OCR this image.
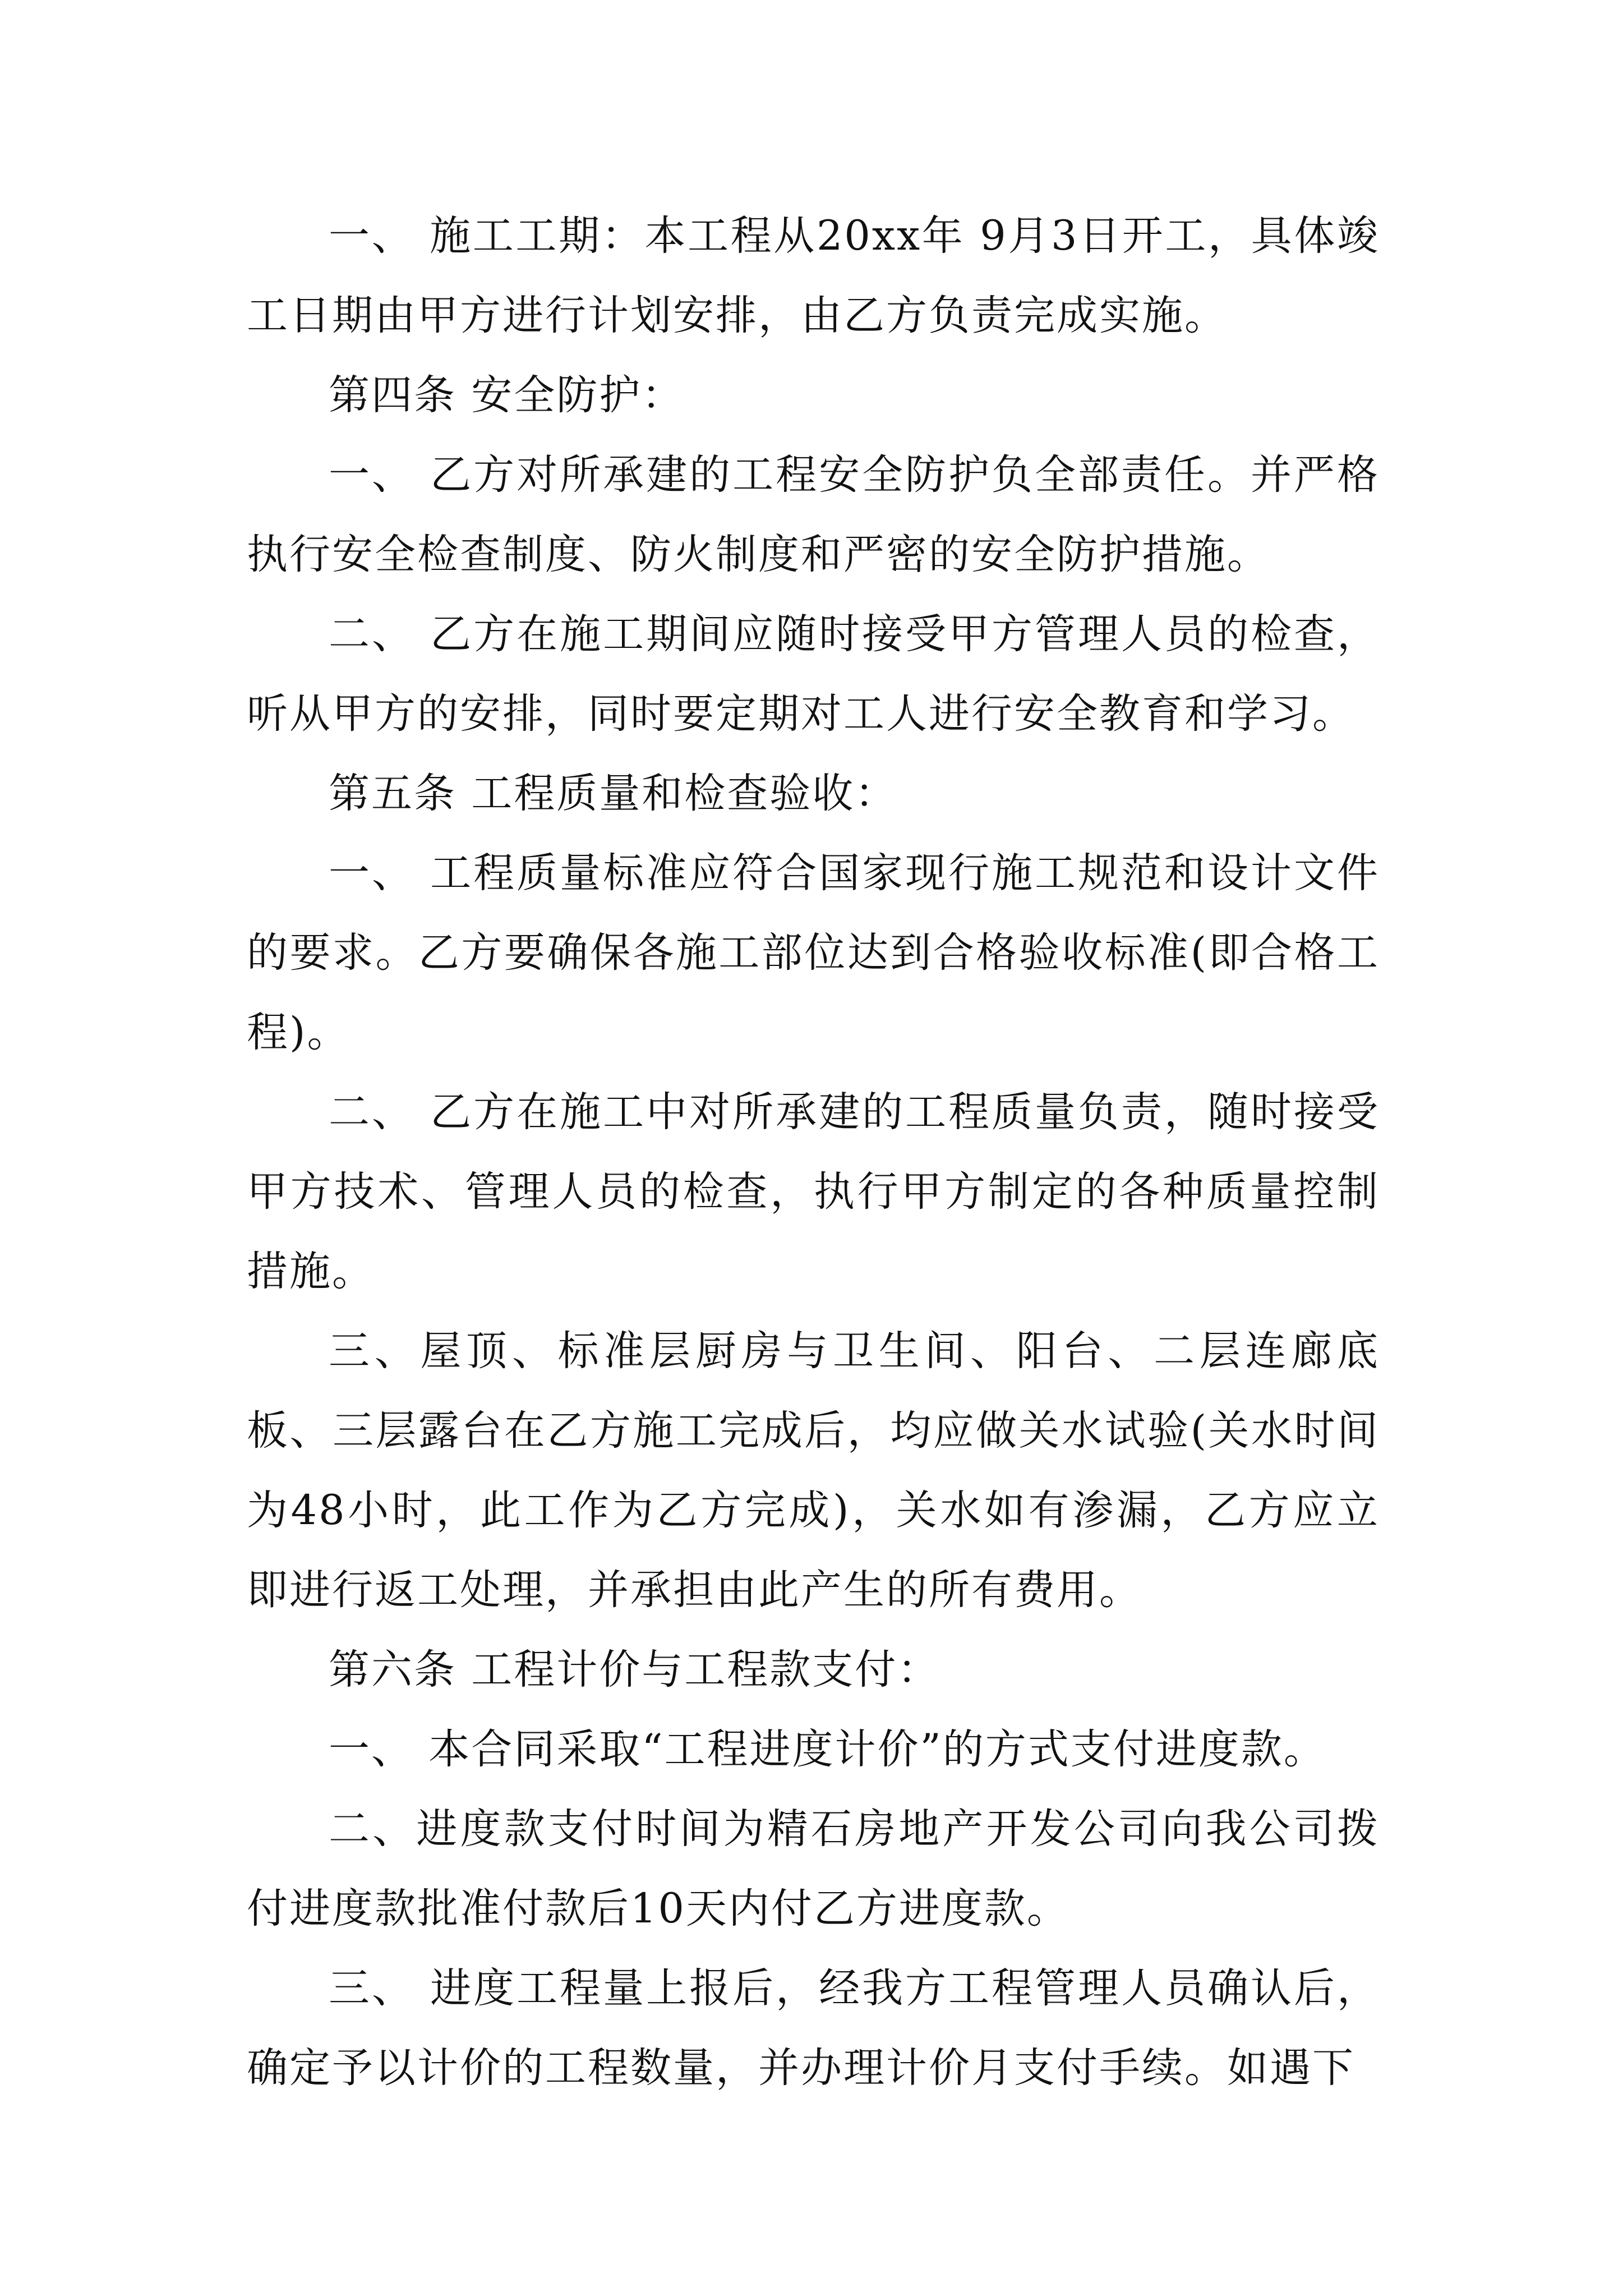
一、 施工工期：本工程从20xx年 9月3日开工，具体竣工日期由甲方进行计划安排，由乙方负责完成实施。

第四条 安全防护：

一、 乙方对所承建的工程安全防护负全部责任。并严格执行安全检查制度、防火制度和严密的安全防护措施。

二、 乙方在施工期间应随时接受甲方管理人员的检查，听从甲方的安排，同时要定期对工人进行安全教育和学习。

第五条 工程质量和检查验收：

一、 工程质量标准应符合国家现行施工规范和设计文件的要求。乙方要确保各施工部位达到合格验收标准(即合格工程)。

二、 乙方在施工中对所承建的工程质量负责，随时接受甲方技术、管理人员的检查，执行甲方制定的各种质量控制措施。

三、屋顶、标准层厨房与卫生间、阳台、二层连廊底板、三层露台在乙方施工完成后，均应做关水试验(关水时间为48小时，此工作为乙方完成)，关水如有渗漏，乙方应立即进行返工处理，并承担由此产生的所有费用。

第六条 工程计价与工程款支付：

一、 本合同采取“工程进度计价”的方式支付进度款。

二、进度款支付时间为精石房地产开发公司向我公司拨付进度款批准付款后10天内付乙方进度款。

三、 进度工程量上报后，经我方工程管理人员确认后，确定予以计价的工程数量，并办理计价月支付手续。如遇下
